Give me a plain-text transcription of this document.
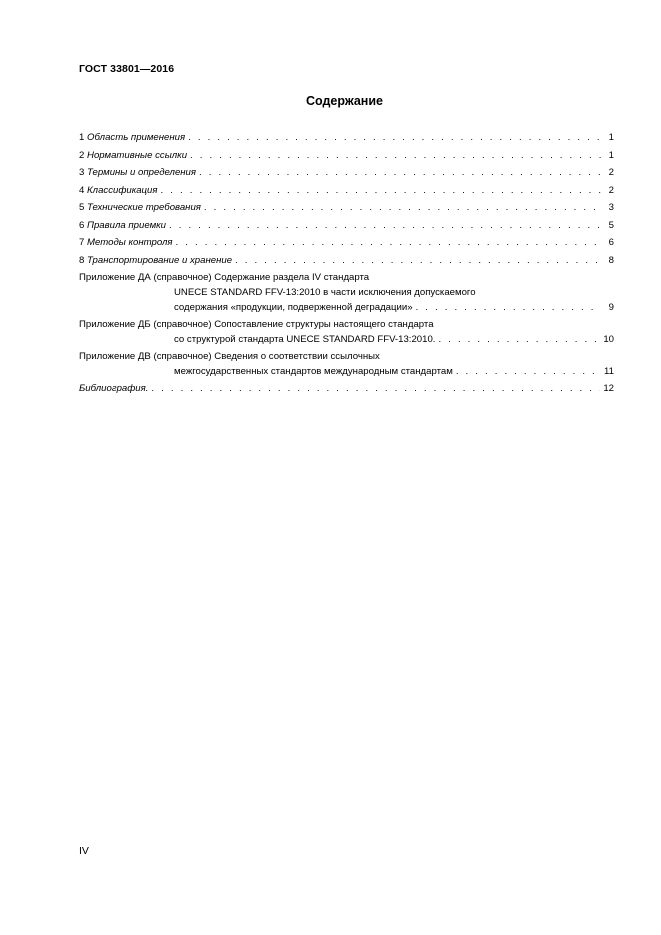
ГОСТ 33801—2016
Содержание
1 Область применения . . .	1
2 Нормативные ссылки . . .	1
3 Термины и определения . . .	2
4 Классификация . . .	2
5 Технические требования . . .	3
6 Правила приемки . . .	5
7 Методы контроля . . .	6
8 Транспортирование и хранение . . .	8
Приложение ДА (справочное) Содержание раздела IV стандарта
UNECE STANDARD FFV-13:2010 в части исключения допускаемого
содержания «продукции, подверженной деградации» . . .	9
Приложение ДБ (справочное) Сопоставление структуры настоящего стандарта
со структурой стандарта UNECE STANDARD FFV-13:2010. . . .	10
Приложение ДВ (справочное) Сведения о соответствии ссылочных
межгосударственных стандартов международным стандартам . . .	11
Библиография. . . .	12
IV
